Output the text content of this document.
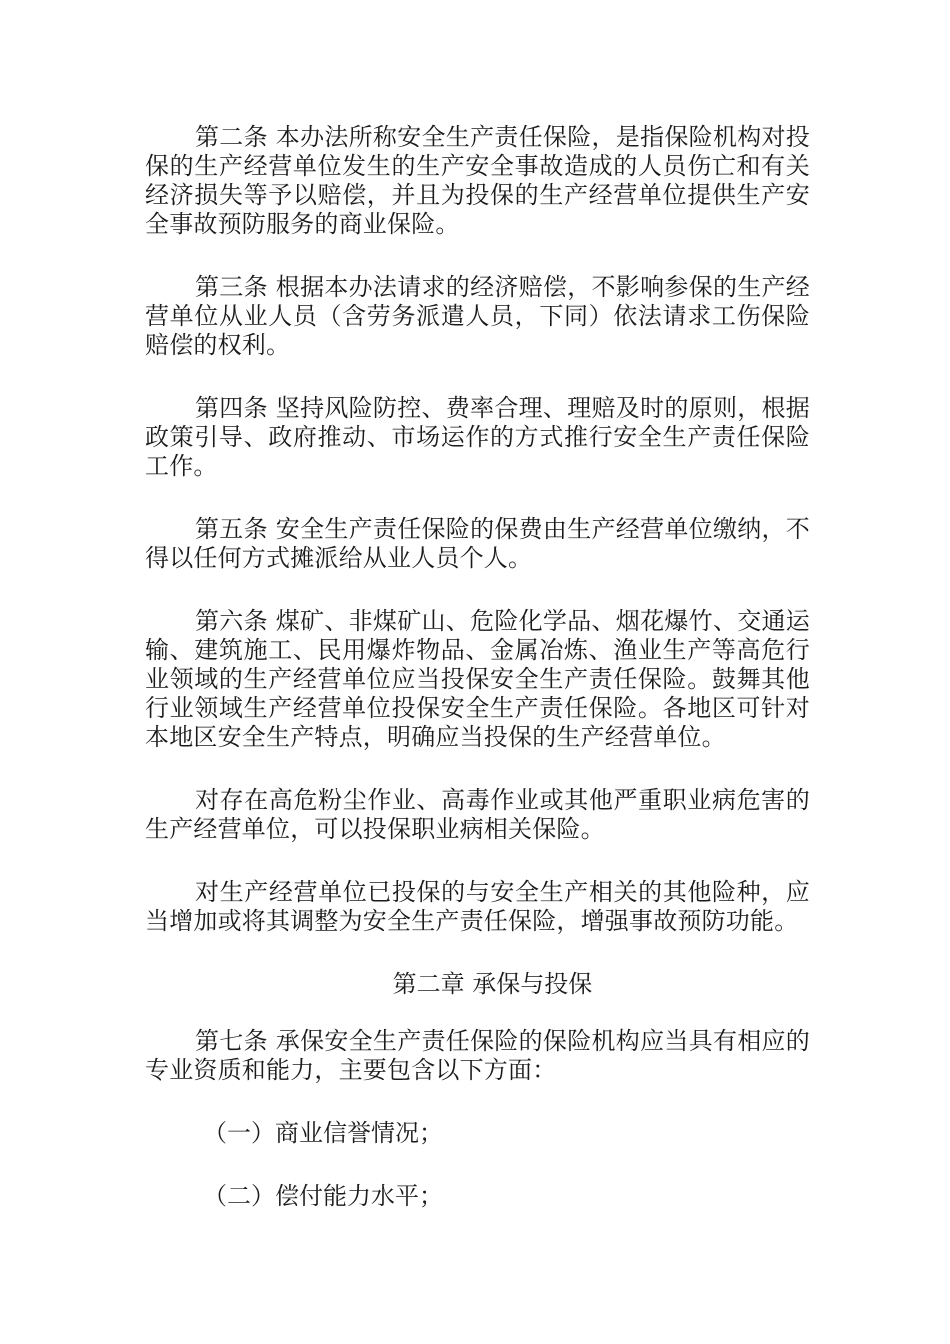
第二条 本办法所称安全生产责任保险，是指保险机构对投保的生产经营单位发生的生产安全事故造成的人员伤亡和有关经济损失等予以赔偿，并且为投保的生产经营单位提供生产安全事故预防服务的商业保险。

第三条 根据本办法请求的经济赔偿，不影响参保的生产经营单位从业人员（含劳务派遣人员，下同）依法请求工伤保险赔偿的权利。

第四条 坚持风险防控、费率合理、理赔及时的原则，根据政策引导、政府推动、市场运作的方式推行安全生产责任保险工作。

第五条 安全生产责任保险的保费由生产经营单位缴纳，不得以任何方式摊派给从业人员个人。

第六条 煤矿、非煤矿山、危险化学品、烟花爆竹、交通运输、建筑施工、民用爆炸物品、金属冶炼、渔业生产等高危行业领域的生产经营单位应当投保安全生产责任保险。鼓舞其他行业领域生产经营单位投保安全生产责任保险。各地区可针对本地区安全生产特点，明确应当投保的生产经营单位。

对存在高危粉尘作业、高毒作业或其他严重职业病危害的生产经营单位，可以投保职业病相关保险。

对生产经营单位已投保的与安全生产相关的其他险种，应当增加或将其调整为安全生产责任保险，增强事故预防功能。

第二章 承保与投保

第七条 承保安全生产责任保险的保险机构应当具有相应的专业资质和能力，主要包含以下方面：

（一）商业信誉情况；
（二）偿付能力水平；
